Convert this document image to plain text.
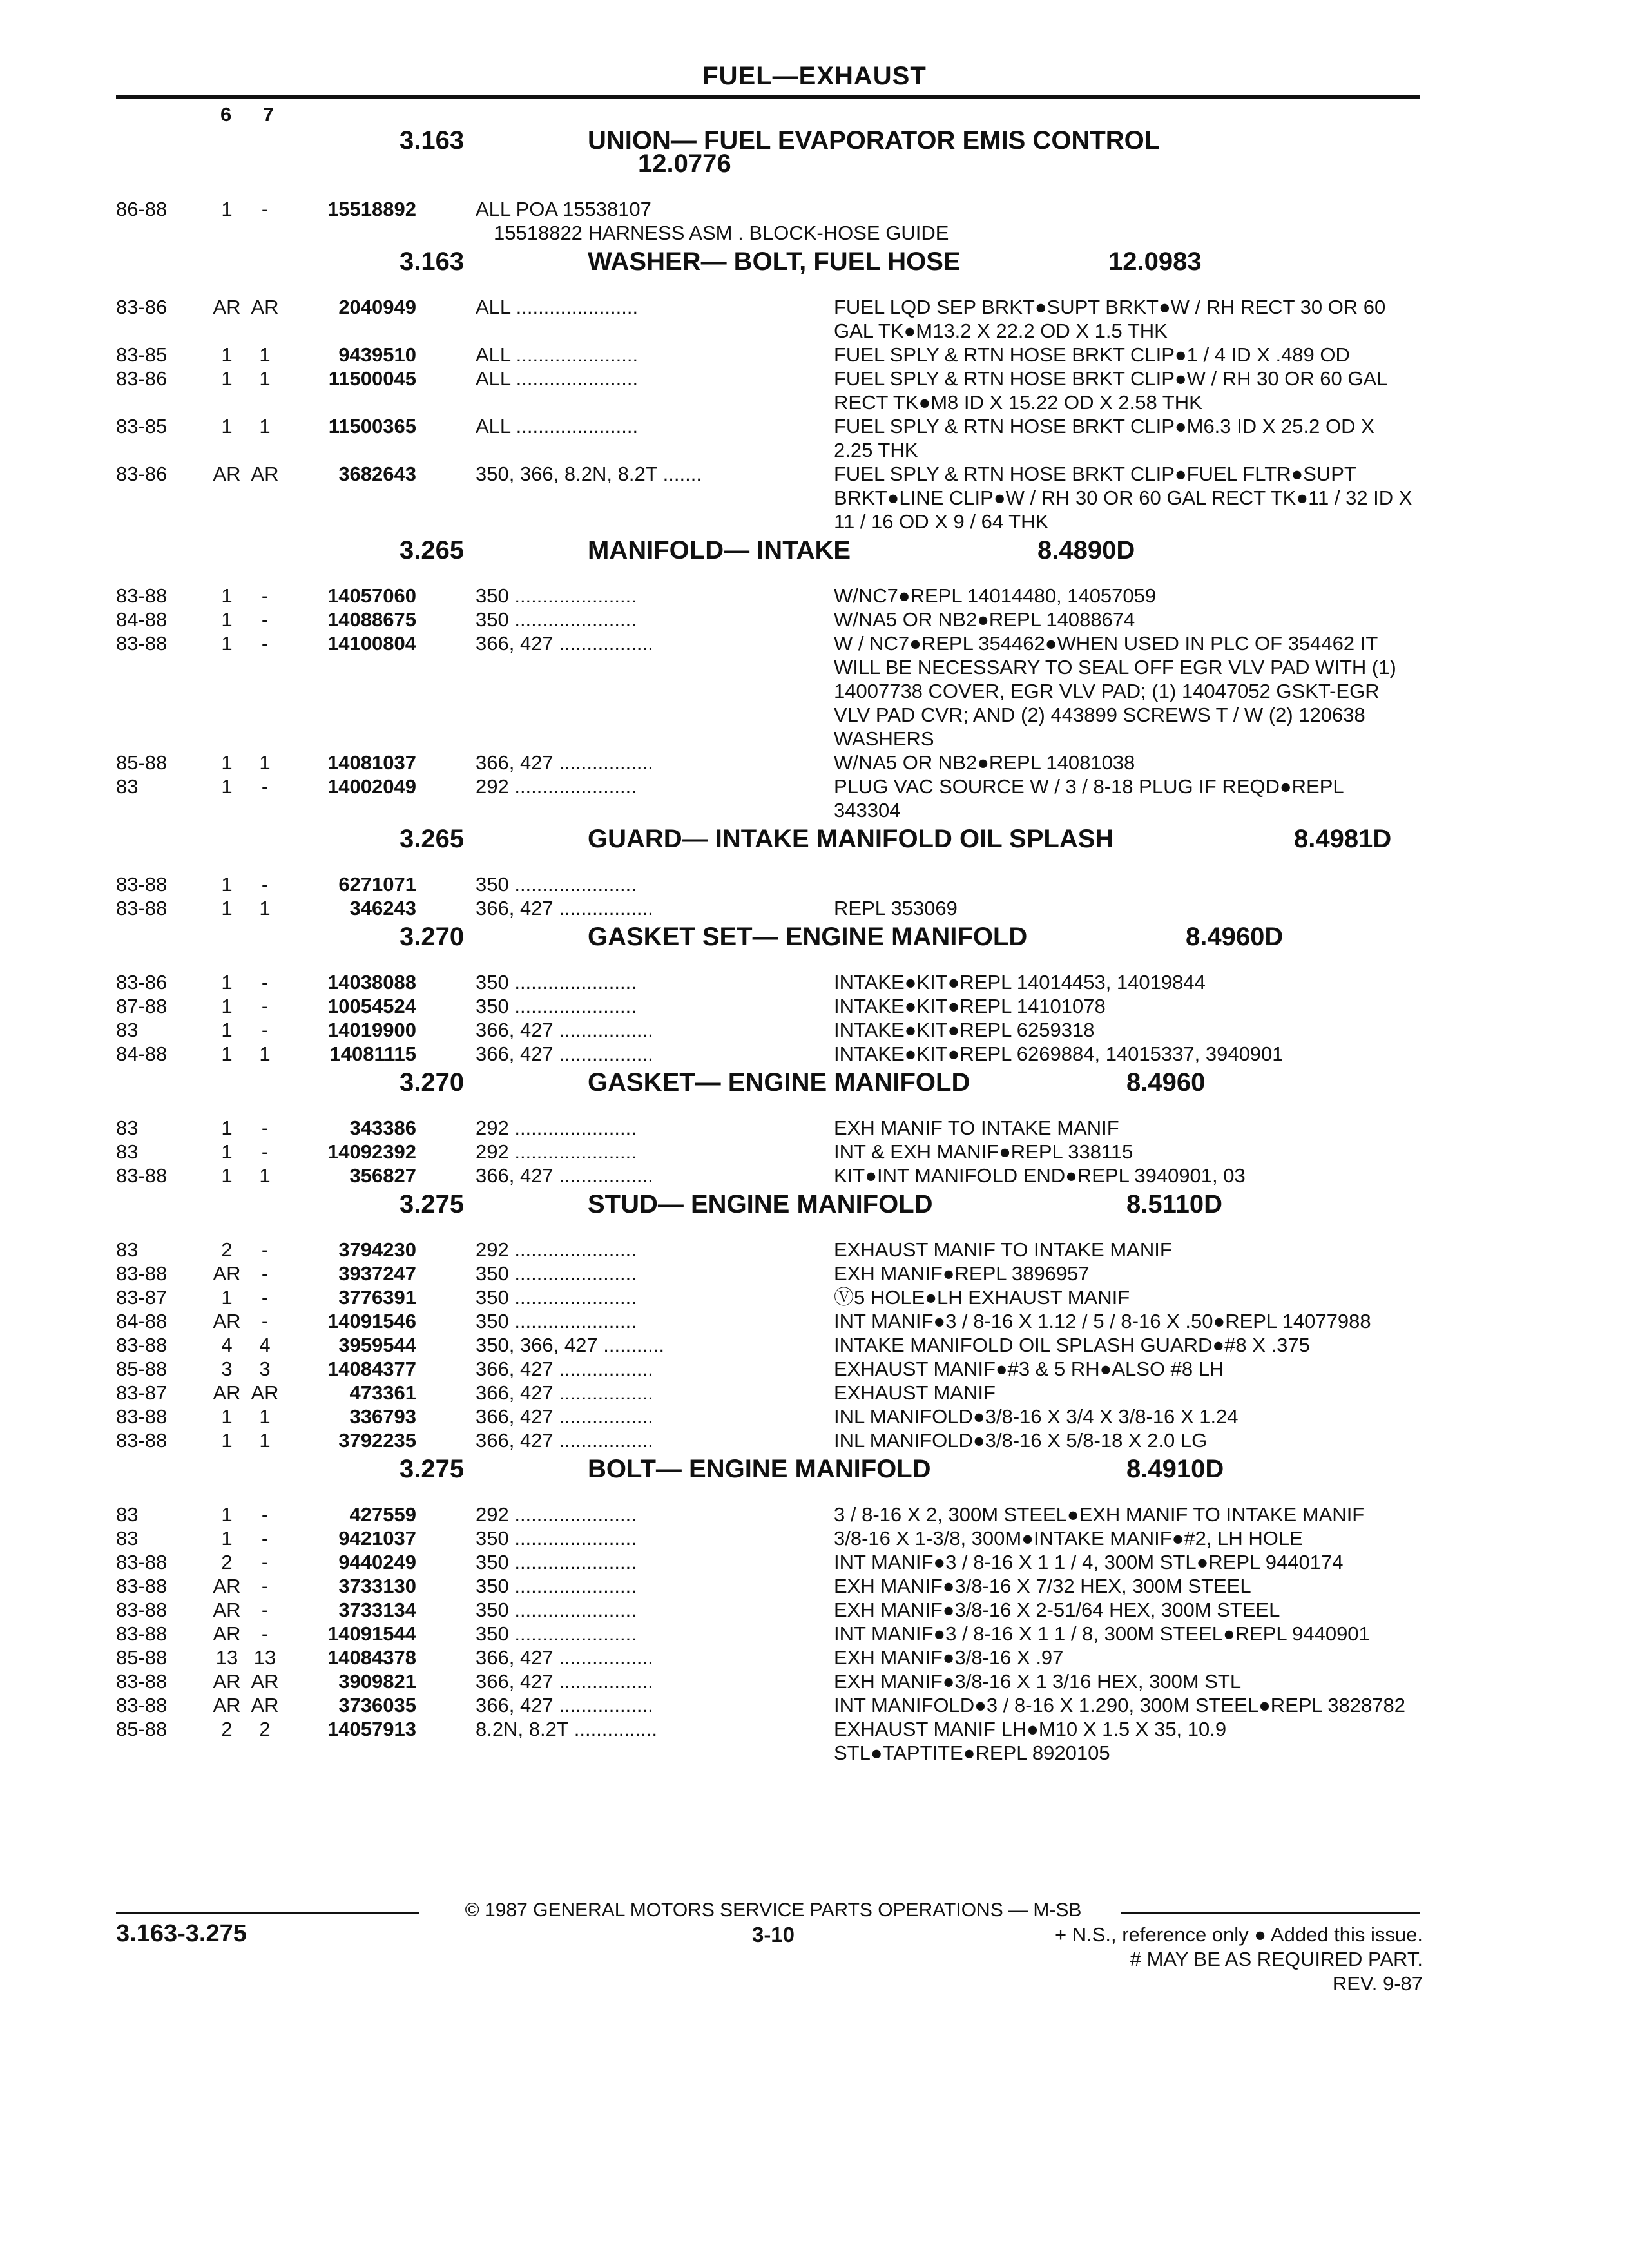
FUEL—EXHAUST
6 7
3.163	UNION— FUEL EVAPORATOR EMIS CONTROL
12.0776
86-88	1	-	15518892	ALL POA 15538107
15518822 HARNESS ASM . BLOCK-HOSE GUIDE
3.163	WASHER— BOLT, FUEL HOSE	12.0983
83-86	AR AR	2040949	ALL ......................	FUEL LQD SEP BRKT●SUPT BRKT●W / RH RECT 30 OR 60 GAL TK●M13.2 X 22.2 OD X 1.5 THK
83-85	1	1	9439510	ALL ......................	FUEL SPLY & RTN HOSE BRKT CLIP●1 / 4 ID X .489 OD
83-86	1	1	11500045	ALL ......................	FUEL SPLY & RTN HOSE BRKT CLIP●W / RH 30 OR 60 GAL RECT TK●M8 ID X 15.22 OD X 2.58 THK
83-85	1	1	11500365	ALL ......................	FUEL SPLY & RTN HOSE BRKT CLIP●M6.3 ID X 25.2 OD X 2.25 THK
83-86	AR AR	3682643	350, 366, 8.2N, 8.2T .......	FUEL SPLY & RTN HOSE BRKT CLIP●FUEL FLTR●SUPT BRKT●LINE CLIP●W / RH 30 OR 60 GAL RECT TK●11 / 32 ID X 11 / 16 OD X 9 / 64 THK
3.265	MANIFOLD— INTAKE	8.4890D
83-88	1	-	14057060	350 ......................	W/NC7●REPL 14014480, 14057059
84-88	1	-	14088675	350 ......................	W/NA5 OR NB2●REPL 14088674
83-88	1	-	14100804	366, 427 .................	W / NC7●REPL 354462●WHEN USED IN PLC OF 354462 IT WILL BE NECESSARY TO SEAL OFF EGR VLV PAD WITH (1) 14007738 COVER, EGR VLV PAD; (1) 14047052 GSKT-EGR VLV PAD CVR; AND (2) 443899 SCREWS T / W (2) 120638 WASHERS
85-88	1	1	14081037	366, 427 .................	W/NA5 OR NB2●REPL 14081038
83	1	-	14002049	292 ......................	PLUG VAC SOURCE W / 3 / 8-18 PLUG IF REQD●REPL 343304
3.265	GUARD— INTAKE MANIFOLD OIL SPLASH	8.4981D
83-88	1	-	6271071	350 ......................
83-88	1	1	346243	366, 427 .................	REPL 353069
3.270	GASKET SET— ENGINE MANIFOLD	8.4960D
83-86	1	-	14038088	350 ......................	INTAKE●KIT●REPL 14014453, 14019844
87-88	1	-	10054524	350 ......................	INTAKE●KIT●REPL 14101078
83	1	-	14019900	366, 427 .................	INTAKE●KIT●REPL 6259318
84-88	1	1	14081115	366, 427 .................	INTAKE●KIT●REPL 6269884, 14015337, 3940901
3.270	GASKET— ENGINE MANIFOLD	8.4960
83	1	-	343386	292 ......................	EXH MANIF TO INTAKE MANIF
83	1	-	14092392	292 ......................	INT & EXH MANIF●REPL 338115
83-88	1	1	356827	366, 427 .................	KIT●INT MANIFOLD END●REPL 3940901, 03
3.275	STUD— ENGINE MANIFOLD	8.5110D
83	2	-	3794230	292 ......................	EXHAUST MANIF TO INTAKE MANIF
83-88	AR	-	3937247	350 ......................	EXH MANIF●REPL 3896957
83-87	1	-	3776391	350 ......................	Ⓥ5 HOLE●LH EXHAUST MANIF
84-88	AR	-	14091546	350 ......................	INT MANIF●3 / 8-16 X 1.12 / 5 / 8-16 X .50●REPL 14077988
83-88	4	4	3959544	350, 366, 427 ...........	INTAKE MANIFOLD OIL SPLASH GUARD●#8 X .375
85-88	3	3	14084377	366, 427 .................	EXHAUST MANIF●#3 & 5 RH●ALSO #8 LH
83-87	AR AR	473361	366, 427 .................	EXHAUST MANIF
83-88	1	1	336793	366, 427 .................	INL MANIFOLD●3/8-16 X 3/4 X 3/8-16 X 1.24
83-88	1	1	3792235	366, 427 .................	INL MANIFOLD●3/8-16 X 5/8-18 X 2.0 LG
3.275	BOLT— ENGINE MANIFOLD	8.4910D
83	1	-	427559	292 ......................	3 / 8-16 X 2, 300M STEEL●EXH MANIF TO INTAKE MANIF
83	1	-	9421037	350 ......................	3/8-16 X 1-3/8, 300M●INTAKE MANIF●#2, LH HOLE
83-88	2	-	9440249	350 ......................	INT MANIF●3 / 8-16 X 1 1 / 4, 300M STL●REPL 9440174
83-88	AR	-	3733130	350 ......................	EXH MANIF●3/8-16 X 7/32 HEX, 300M STEEL
83-88	AR	-	3733134	350 ......................	EXH MANIF●3/8-16 X 2-51/64 HEX, 300M STEEL
83-88	AR	-	14091544	350 ......................	INT MANIF●3 / 8-16 X 1 1 / 8, 300M STEEL●REPL 9440901
85-88	13 13	14084378	366, 427 .................	EXH MANIF●3/8-16 X .97
83-88	AR AR	3909821	366, 427 .................	EXH MANIF●3/8-16 X 1 3/16 HEX, 300M STL
83-88	AR AR	3736035	366, 427 .................	INT MANIFOLD●3 / 8-16 X 1.290, 300M STEEL●REPL 3828782
85-88	2	2	14057913	8.2N, 8.2T ...............	EXHAUST MANIF LH●M10 X 1.5 X 35, 10.9 STL●TAPTITE●REPL 8920105
© 1987 GENERAL MOTORS SERVICE PARTS OPERATIONS — M-SB
3.163-3.275	3-10	+ N.S., reference only ● Added this issue.
# MAY BE AS REQUIRED PART.
REV. 9-87
